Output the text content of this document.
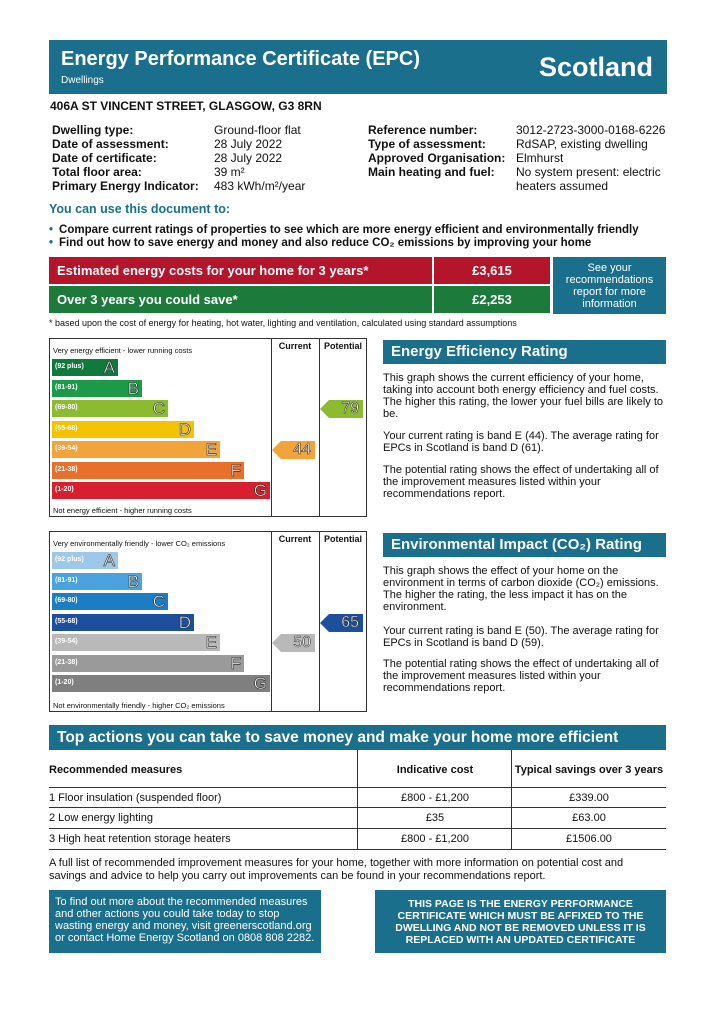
Energy Performance Certificate (EPC)
Dwellings	Scotland
406A ST VINCENT STREET, GLASGOW, G3 8RN
Dwelling type:	Ground-floor flat
Date of assessment:	28 July 2022
Date of certificate:	28 July 2022
Total floor area:	39 m²
Primary Energy Indicator: 483 kWh/m²/year
Reference number:	3012-2723-3000-0168-6226
Type of assessment:	RdSAP, existing dwelling
Approved Organisation: Elmhurst
Main heating and fuel: No system present: electric
heaters assumed
You can use this document to:
• Compare current ratings of properties to see which are more energy efficient and environmentally friendly
• Find out how to save energy and money and also reduce CO₂ emissions by improving your home
Estimated energy costs for your home for 3 years*	£3,615
Over 3 years you could save*	£2,253
See your recommendations report for more information
* based upon the cost of energy for heating, hot water, lighting and ventilation, calculated using standard assumptions
Current	Potential
Very energy efficient - lower running costs
Not energy efficient - higher running costs
(92 plus) A
(81-91)	B
(69-80)	C
(55-68)	D
(39-54)	E
(21-38)	F
(1-20)	G
44
79
Energy Efficiency Rating
This graph shows the current efficiency of your home, taking into account both energy efficiency and fuel costs. The higher this rating, the lower your fuel bills are likely to be.
Your current rating is band E (44). The average rating for EPCs in Scotland is band D (61).
The potential rating shows the effect of undertaking all of the improvement measures listed within your recommendations report.
Current	Potential
Very environmentally friendly - lower CO₂ emissions
Not environmentally friendly - higher CO₂ emissions
(92 plus) A
(81-91)	B
(69-80)	C
(55-68)	D
(39-54)	E
(21-38)	F
(1-20)	G
50
65
Environmental Impact (CO₂) Rating
This graph shows the effect of your home on the environment in terms of carbon dioxide (CO₂) emissions. The higher the rating, the less impact it has on the environment.
Your current rating is band E (50). The average rating for EPCs in Scotland is band D (59).
The potential rating shows the effect of undertaking all of the improvement measures listed within your recommendations report.
Top actions you can take to save money and make your home more efficient
Recommended measures	Indicative cost	Typical savings over 3 years
1 Floor insulation (suspended floor)	£800 - £1,200	£339.00
2 Low energy lighting	£35	£63.00
3 High heat retention storage heaters	£800 - £1,200	£1506.00
A full list of recommended improvement measures for your home, together with more information on potential cost and savings and advice to help you carry out improvements can be found in your recommendations report.
To find out more about the recommended measures and other actions you could take today to stop wasting energy and money, visit greenerscotland.org or contact Home Energy Scotland on 0808 808 2282.
THIS PAGE IS THE ENERGY PERFORMANCE CERTIFICATE WHICH MUST BE AFFIXED TO THE DWELLING AND NOT BE REMOVED UNLESS IT IS REPLACED WITH AN UPDATED CERTIFICATE
